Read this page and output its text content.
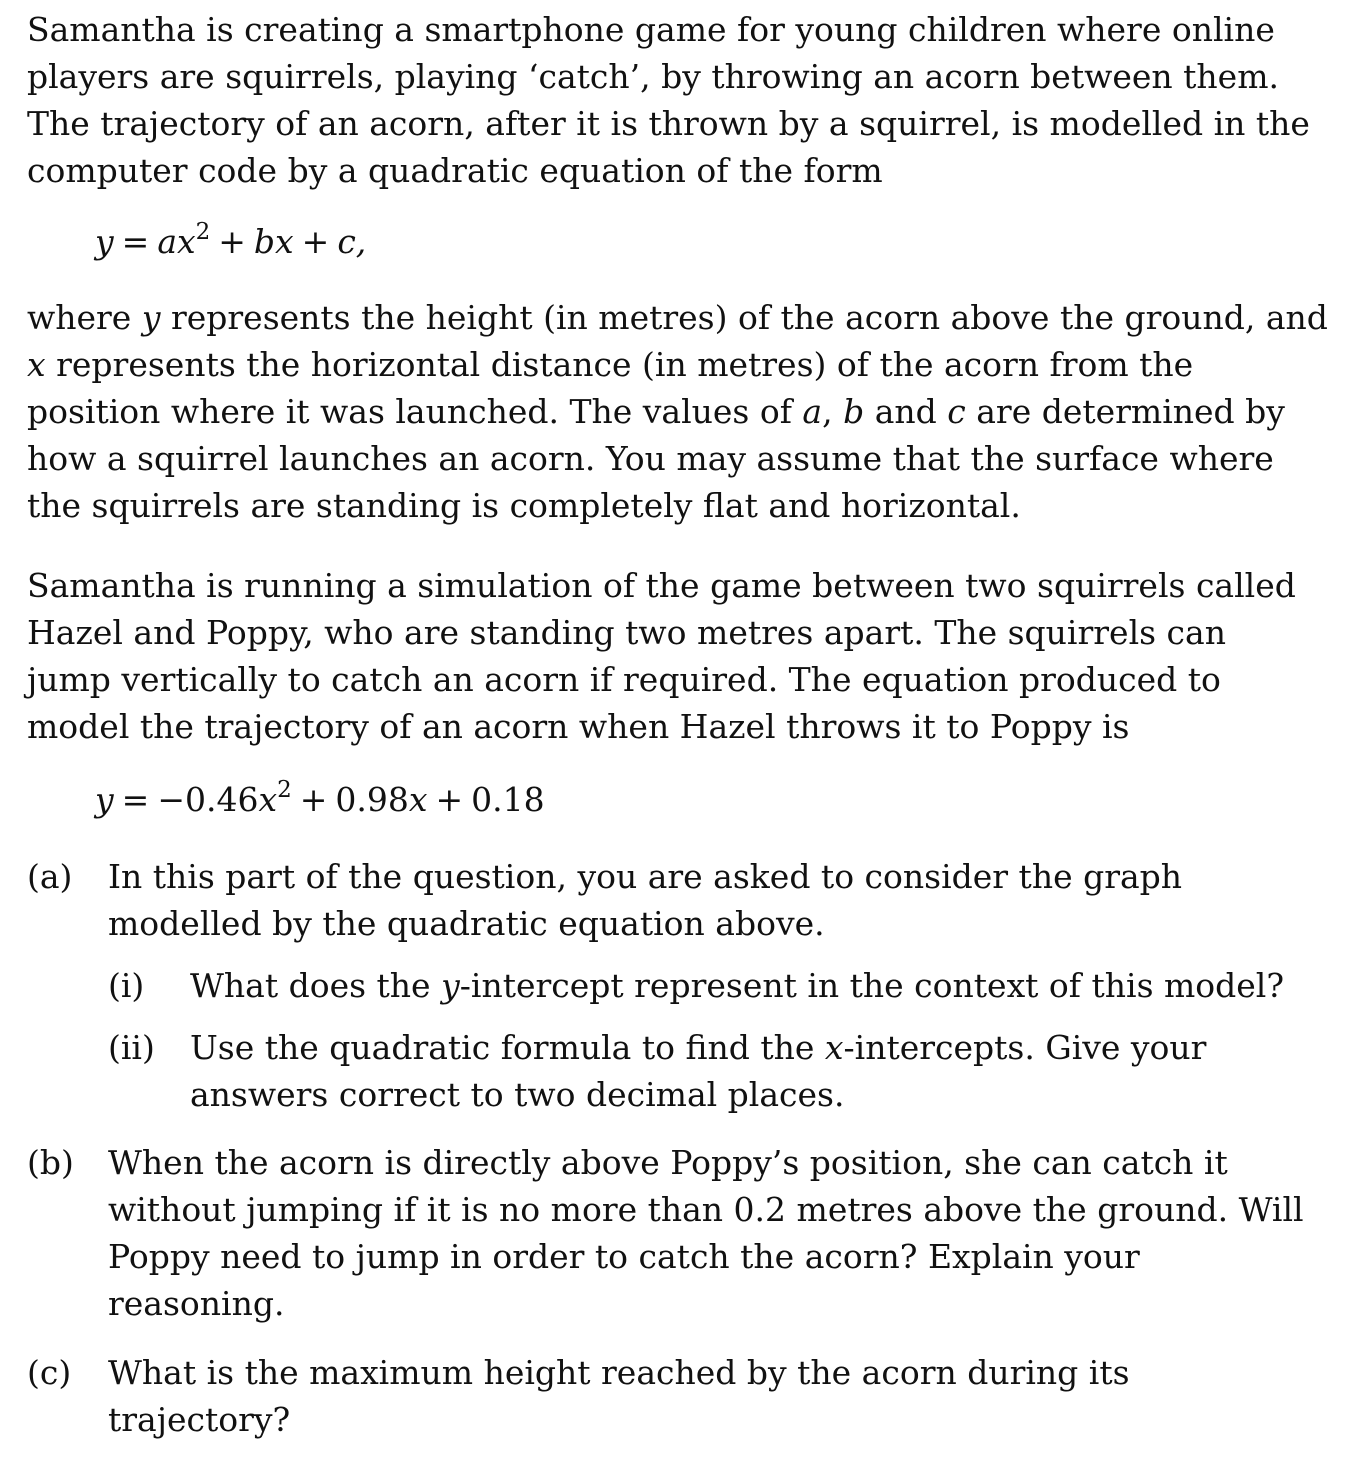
Samantha is creating a smartphone game for young children where online
players are squirrels, playing ‘catch’, by throwing an acorn between them.
The trajectory of an acorn, after it is thrown by a squirrel, is modelled in the
computer code by a quadratic equation of the form
$y = ax^2$ + bx + c,
where y represents the height (in metres) of the acorn above the ground, and
x represents the horizontal distance (in metres) of the acorn from the
position where it was launched. The values of a, b and c are determined by
how a squirrel launches an acorn. You may assume that the surface where
the squirrels are standing is completely flat and horizontal.
Samantha is running a simulation of the game between two squirrels called
Hazel and Poppy, who are standing two metres apart. The squirrels can
jump vertically to catch an acorn if required. The equation produced to
model the trajectory of an acorn when Hazel throws it to Poppy is
$y = -0.46x^2 + 0.98x + 0.18$
(a) In this part of the question, you are asked to consider the graph
modelled by the quadratic equation above.
(i) What does the y-intercept represent in the context of this model?
(ii) Use the quadratic formula to find the x-intercepts. Give your
answers correct to two decimal places.
(b) When the acorn is directly above Poppy’s position, she can catch it
without jumping if it is no more than 0.2 metres above the ground. Will
Poppy need to jump in order to catch the acorn? Explain your
reasoning.
(c) What is the maximum height reached by the acorn during its
trajectory?
